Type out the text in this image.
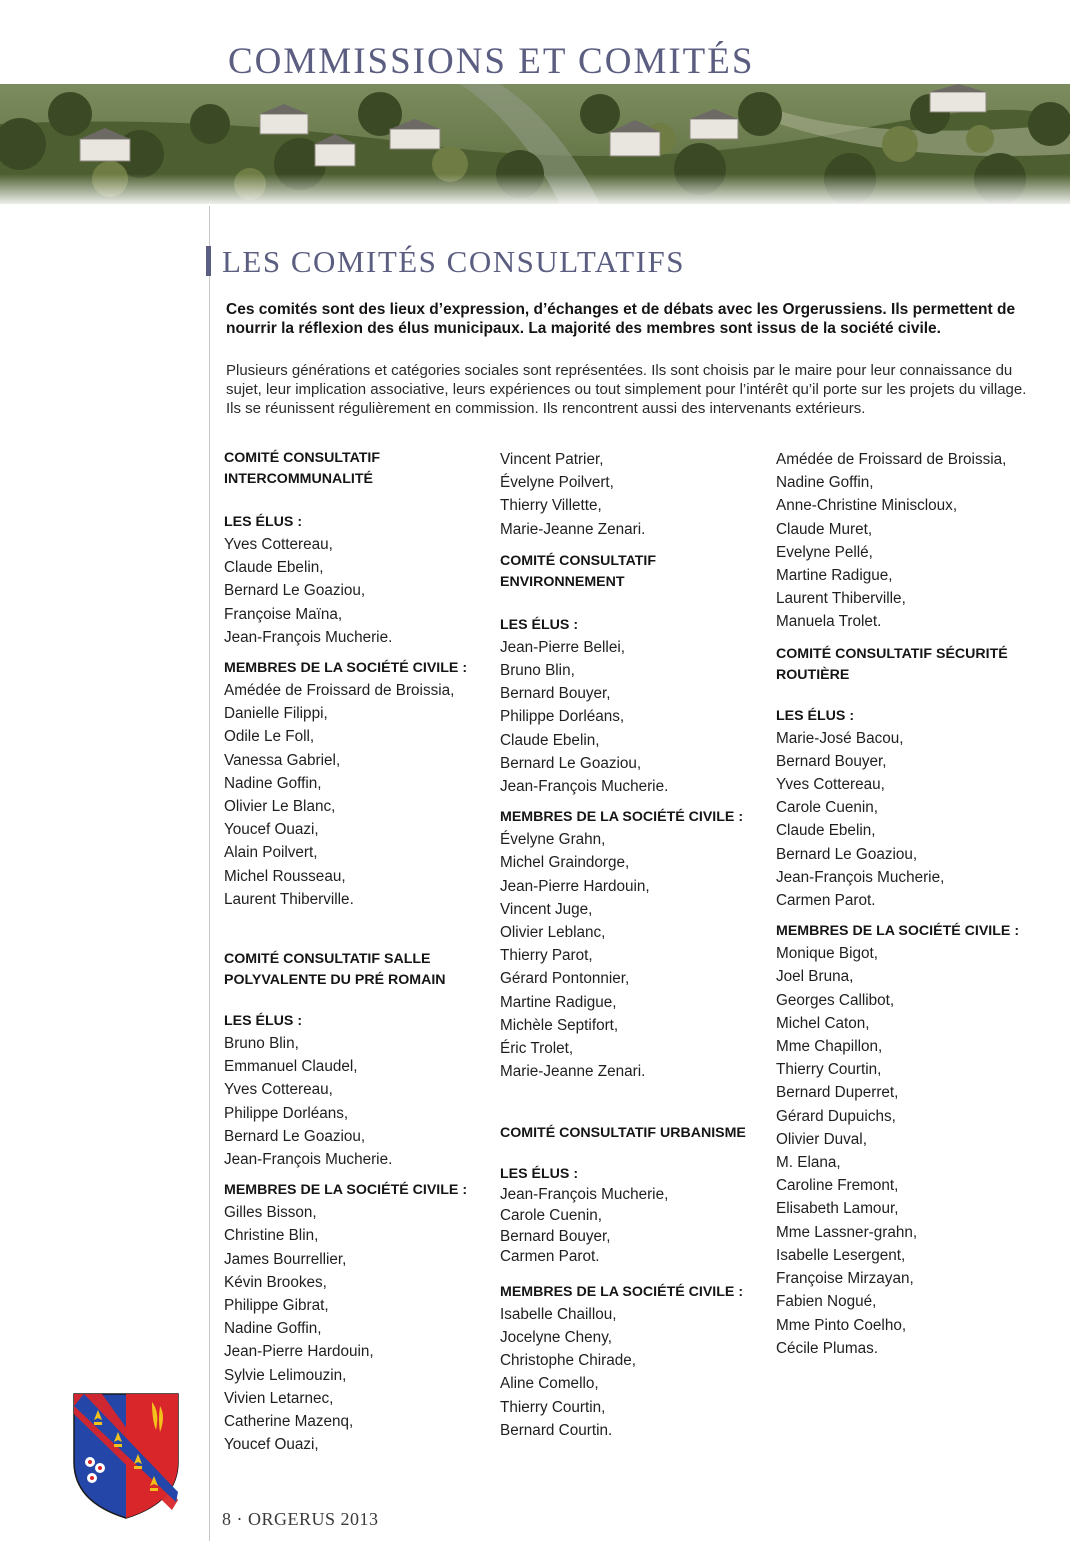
COMMISSIONS ET COMITÉS
LES COMITÉS CONSULTATIFS

Ces comités sont des lieux d’expression, d’échanges et de débats avec les Orgerussiens. Ils permettent de nourrir la réflexion des élus municipaux. La majorité des membres sont issus de la société civile.

Plusieurs générations et catégories sociales sont représentées. Ils sont choisis par le maire pour leur connaissance du sujet, leur implication associative, leurs expériences ou tout simplement pour l’intérêt qu’il porte sur les projets du village. Ils se réunissent régulièrement en commission. Ils rencontrent aussi des intervenants extérieurs.

COMITÉ CONSULTATIF
INTERCOMMUNALITÉ
LES ÉLUS :
Yves Cottereau,
Claude Ebelin,
Bernard Le Goaziou,
Françoise Maïna,
Jean-François Mucherie.
MEMBRES DE LA SOCIÉTÉ CIVILE :
Amédée de Froissard de Broissia,
Danielle Filippi,
Odile Le Foll,
Vanessa Gabriel,
Nadine Goffin,
Olivier Le Blanc,
Youcef Ouazi,
Alain Poilvert,
Michel Rousseau,
Laurent Thiberville.
COMITÉ CONSULTATIF SALLE
POLYVALENTE DU PRÉ ROMAIN
LES ÉLUS :
Bruno Blin,
Emmanuel Claudel,
Yves Cottereau,
Philippe Dorléans,
Bernard Le Goaziou,
Jean-François Mucherie.
MEMBRES DE LA SOCIÉTÉ CIVILE :
Gilles Bisson,
Christine Blin,
James Bourrellier,
Kévin Brookes,
Philippe Gibrat,
Nadine Goffin,
Jean-Pierre Hardouin,
Sylvie Lelimouzin,
Vivien Letarnec,
Catherine Mazenq,
Youcef Ouazi,
Vincent Patrier,
Évelyne Poilvert,
Thierry Villette,
Marie-Jeanne Zenari.
COMITÉ CONSULTATIF
ENVIRONNEMENT
LES ÉLUS :
Jean-Pierre Bellei,
Bruno Blin,
Bernard Bouyer,
Philippe Dorléans,
Claude Ebelin,
Bernard Le Goaziou,
Jean-François Mucherie.
MEMBRES DE LA SOCIÉTÉ CIVILE :
Évelyne Grahn,
Michel Graindorge,
Jean-Pierre Hardouin,
Vincent Juge,
Olivier Leblanc,
Thierry Parot,
Gérard Pontonnier,
Martine Radigue,
Michèle Septifort,
Éric Trolet,
Marie-Jeanne Zenari.
COMITÉ CONSULTATIF URBANISME
LES ÉLUS :
Jean-François Mucherie,
Carole Cuenin,
Bernard Bouyer,
Carmen Parot.
MEMBRES DE LA SOCIÉTÉ CIVILE :
Isabelle Chaillou,
Jocelyne Cheny,
Christophe Chirade,
Aline Comello,
Thierry Courtin,
Bernard Courtin.
Amédée de Froissard de Broissia,
Nadine Goffin,
Anne-Christine Miniscloux,
Claude Muret,
Evelyne Pellé,
Martine Radigue,
Laurent Thiberville,
Manuela Trolet.
COMITÉ CONSULTATIF SÉCURITÉ
ROUTIÈRE
LES ÉLUS :
Marie-José Bacou,
Bernard Bouyer,
Yves Cottereau,
Carole Cuenin,
Claude Ebelin,
Bernard Le Goaziou,
Jean-François Mucherie,
Carmen Parot.
MEMBRES DE LA SOCIÉTÉ CIVILE :
Monique Bigot,
Joel Bruna,
Georges Callibot,
Michel Caton,
Mme Chapillon,
Thierry Courtin,
Bernard Duperret,
Gérard Dupuichs,
Olivier Duval,
M. Elana,
Caroline Fremont,
Elisabeth Lamour,
Mme Lassner-grahn,
Isabelle Lesergent,
Françoise Mirzayan,
Fabien Nogué,
Mme Pinto Coelho,
Cécile Plumas.
8 · ORGERUS 2013
